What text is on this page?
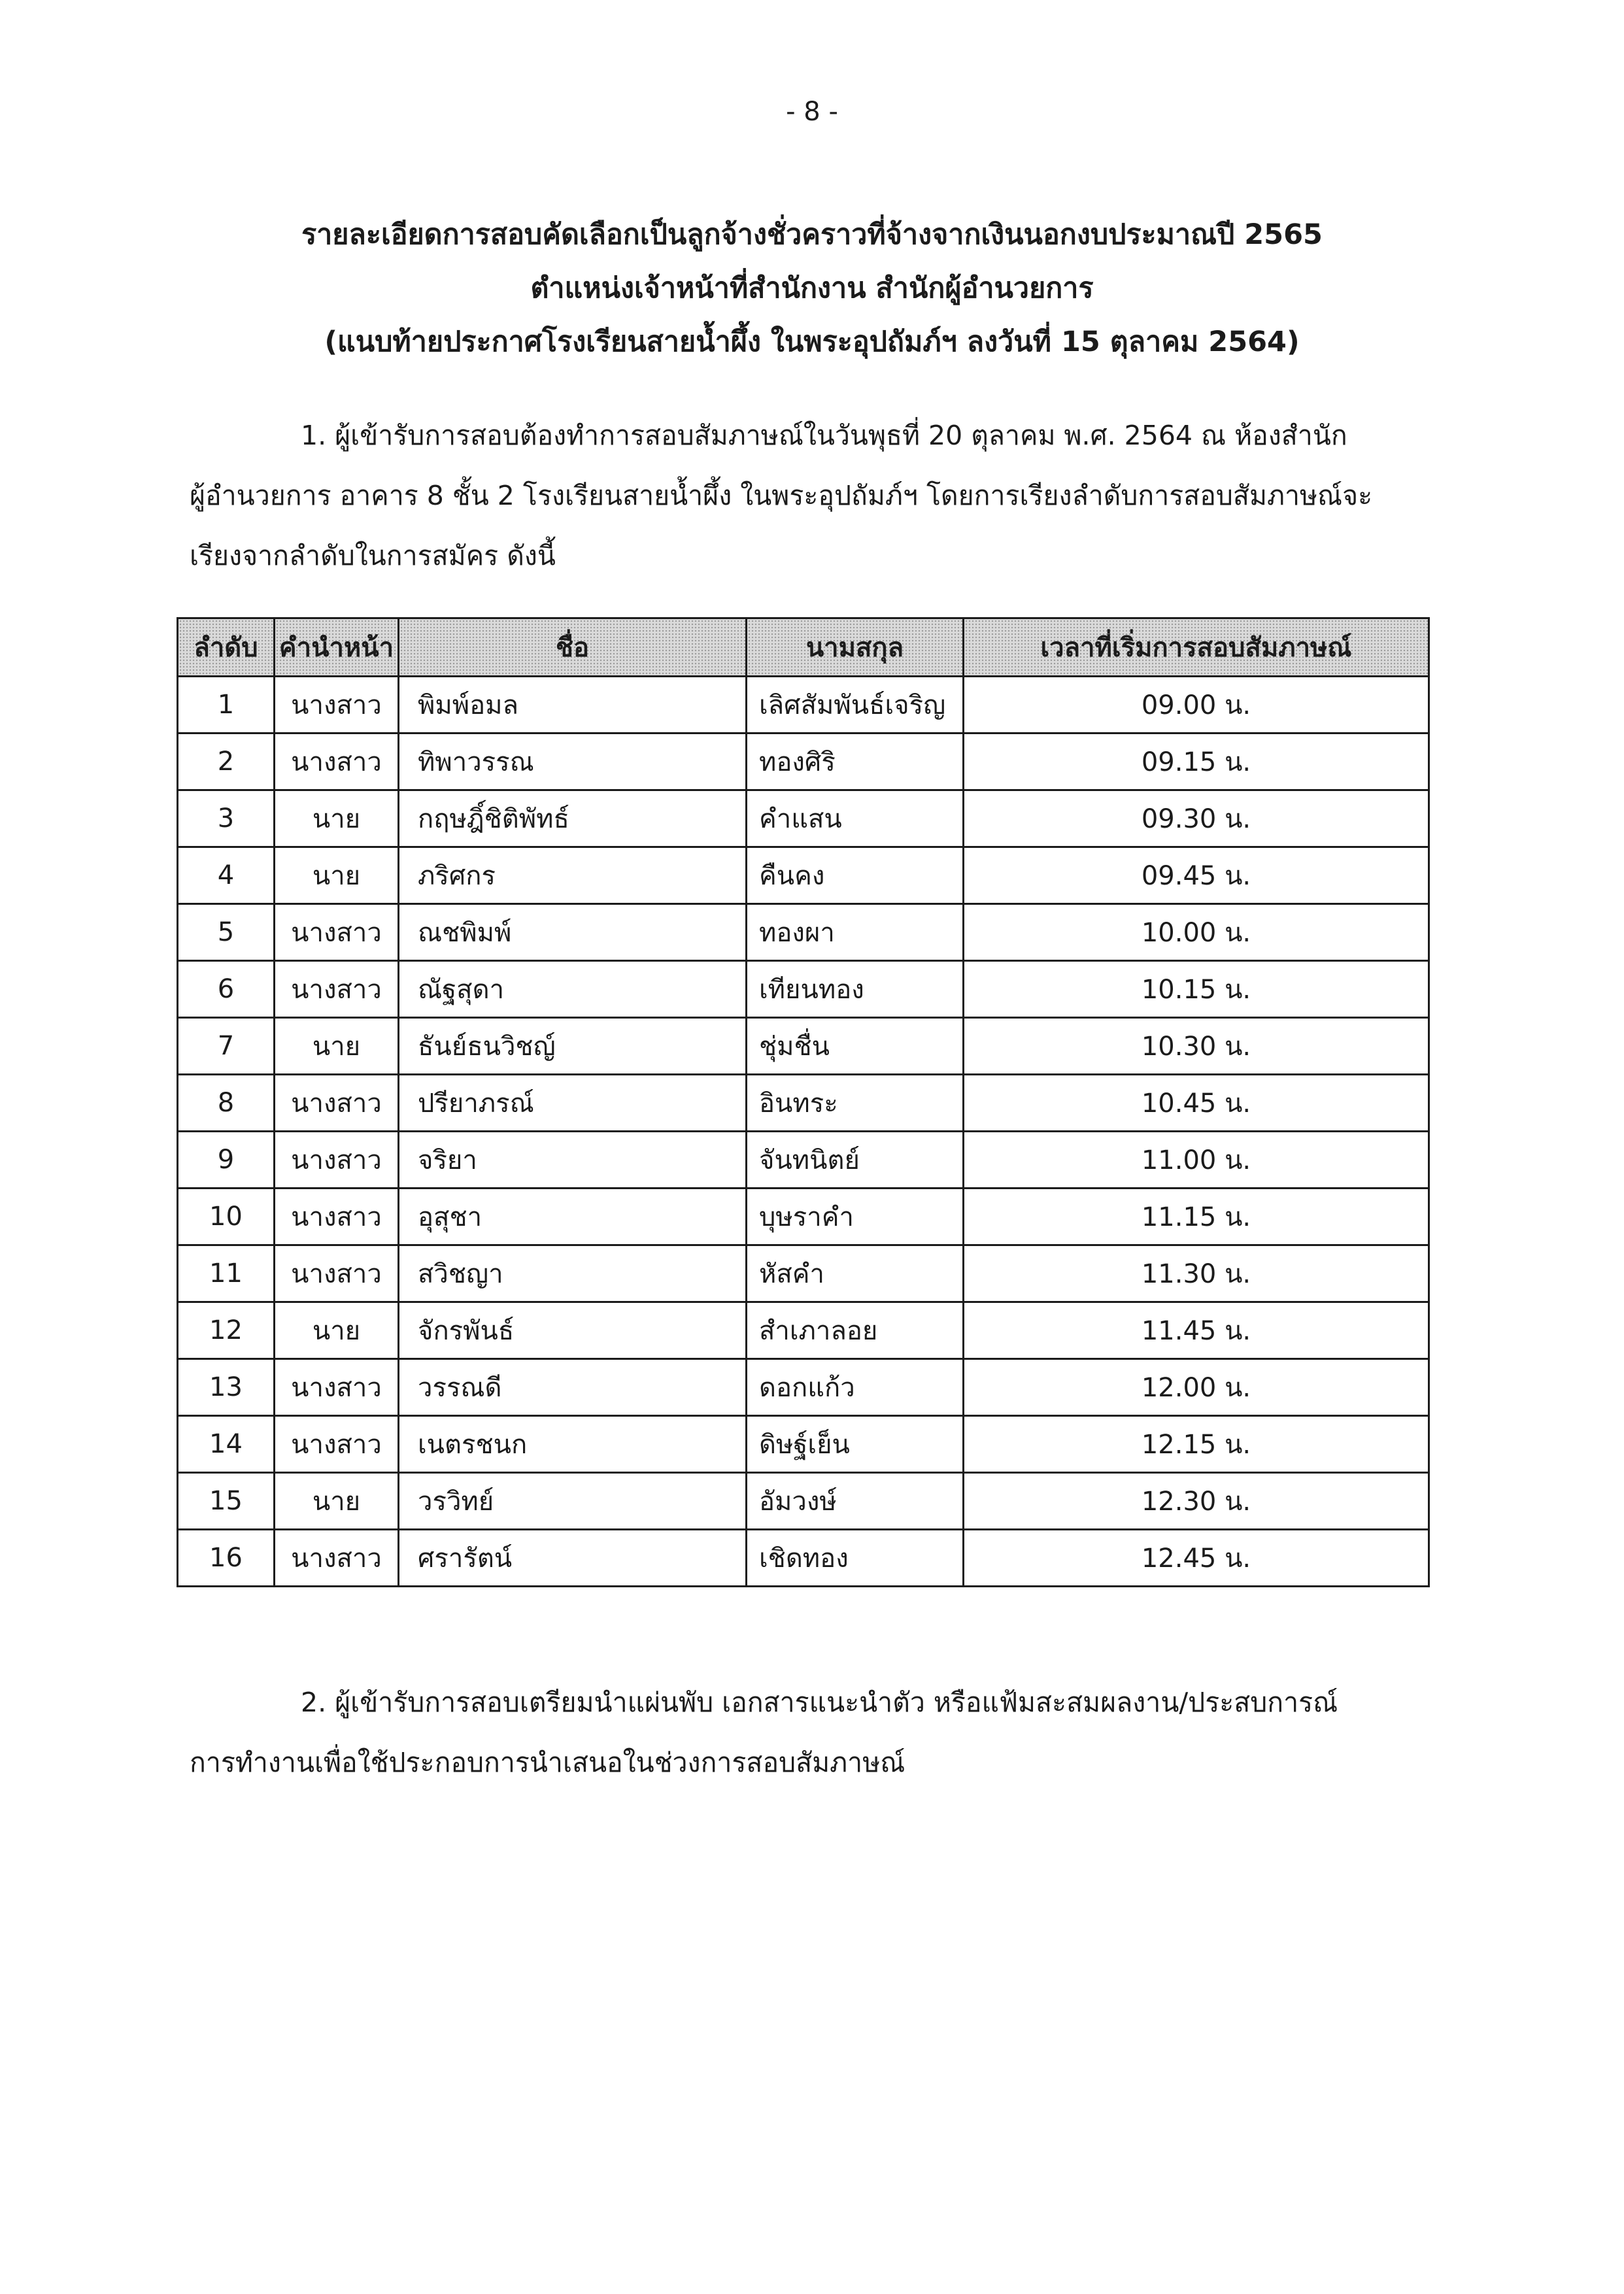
- 8 -
รายละเอียดการสอบคัดเลือกเป็นลูกจ้างชั่วคราวที่จ้างจากเงินนอกงบประมาณปี 2565
ตำแหน่งเจ้าหน้าที่สำนักงาน สำนักผู้อำนวยการ
(แนบท้ายประกาศโรงเรียนสายน้ำผึ้ง ในพระอุปถัมภ์ฯ ลงวันที่ 15 ตุลาคม 2564)
1. ผู้เข้ารับการสอบต้องทำการสอบสัมภาษณ์ในวันพุธที่ 20 ตุลาคม พ.ศ. 2564 ณ ห้องสำนัก
ผู้อำนวยการ อาคาร 8 ชั้น 2 โรงเรียนสายน้ำผึ้ง ในพระอุปถัมภ์ฯ โดยการเรียงลำดับการสอบสัมภาษณ์จะ
เรียงจากลำดับในการสมัคร ดังนี้
ลำดับ	คำนำหน้า	ชื่อ	นามสกุล	เวลาที่เริ่มการสอบสัมภาษณ์
1	นางสาว	พิมพ์อมล	เลิศสัมพันธ์เจริญ	09.00 น.
2	นางสาว	ทิพาวรรณ	ทองศิริ	09.15 น.
3	นาย	กฤษฎิ์ชิติพัทธ์	คำแสน	09.30 น.
4	นาย	ภริศกร	คืนคง	09.45 น.
5	นางสาว	ณชพิมพ์	ทองผา	10.00 น.
6	นางสาว	ณัฐสุดา	เทียนทอง	10.15 น.
7	นาย	ธันย์ธนวิชญ์	ชุ่มชื่น	10.30 น.
8	นางสาว	ปรียาภรณ์	อินทระ	10.45 น.
9	นางสาว	จริยา	จันทนิตย์	11.00 น.
10	นางสาว	อุสุชา	บุษราคำ	11.15 น.
11	นางสาว	สวิชญา	หัสคำ	11.30 น.
12	นาย	จักรพันธ์	สำเภาลอย	11.45 น.
13	นางสาว	วรรณดี	ดอกแก้ว	12.00 น.
14	นางสาว	เนตรชนก	ดิษฐ์เย็น	12.15 น.
15	นาย	วรวิทย์	อัมวงษ์	12.30 น.
16	นางสาว	ศรารัตน์	เชิดทอง	12.45 น.
2. ผู้เข้ารับการสอบเตรียมนำแผ่นพับ เอกสารแนะนำตัว หรือแฟ้มสะสมผลงาน/ประสบการณ์
การทำงานเพื่อใช้ประกอบการนำเสนอในช่วงการสอบสัมภาษณ์
